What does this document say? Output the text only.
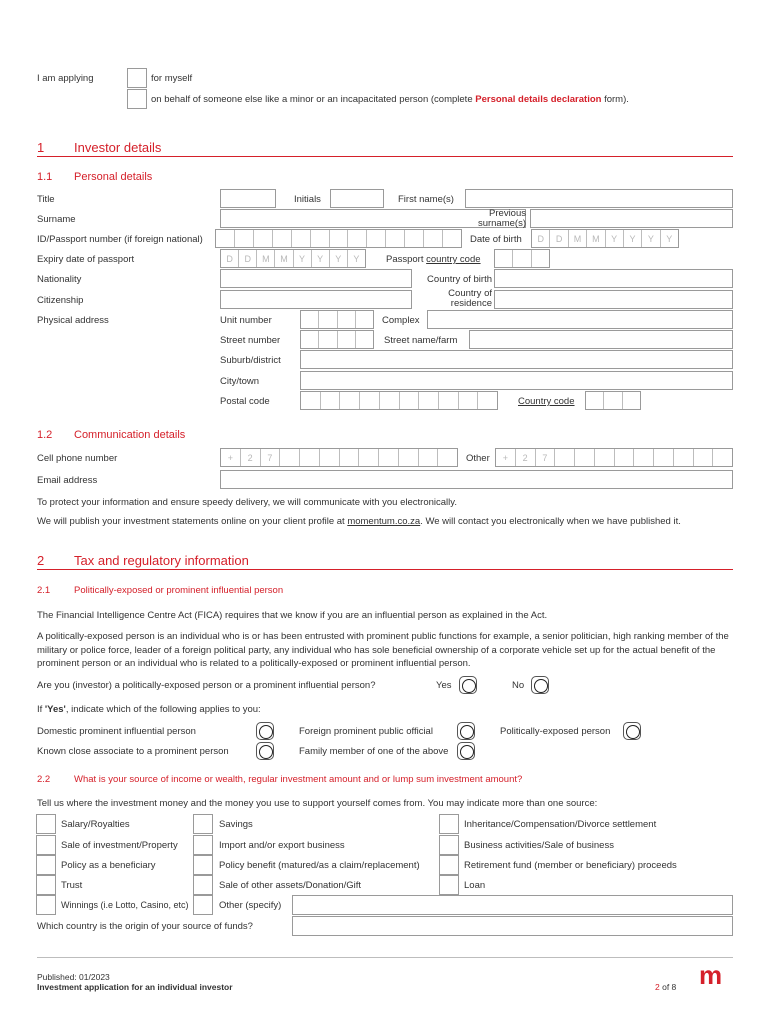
I am applying	for myself
on behalf of someone else like a minor or an incapacitated person (complete Personal details declaration form).
1 Investor details
1.1 Personal details
Title	Initials	First name(s)
Surname
Previous surname(s)
ID/Passport number (if foreign national)	Date of birth	D	D	M	M	Y	Y	Y	Y
Expiry date of passport	D	D	M	M	Y	Y	Y	Y	Passport country code
Nationality	Country of birth
Citizenship
Country of residence
Physical address	Unit number	Complex
Street number	Street name/farm
Suburb/district
City/town
Postal code	Country code
1.2 Communication details
Cell phone number	+	2	7	Other	+	2	7
Email address
To protect your information and ensure speedy delivery, we will communicate with you electronically.
We will publish your investment statements online on your client profile at momentum.co.za. We will contact you electronically when we have published it.
2 Tax and regulatory information
2.1	Politically-exposed or prominent influential person
The Financial Intelligence Centre Act (FICA) requires that we know if you are an influential person as explained in the Act.
A politically-exposed person is an individual who is or has been entrusted with prominent public functions for example, a senior politician, high ranking member of the military or police force, leader of a foreign political party, any individual who has sole beneficial ownership of a corporate vehicle set up for the actual benefit of the prominent person or an individual who is related to a politically-exposed or prominent influential person.
Are you (investor) a politically-exposed person or a prominent influential person?	Yes	No
If 'Yes', indicate which of the following applies to you:
Domestic prominent influential person	Foreign prominent public official	Politically-exposed person
Known close associate to a prominent person	Family member of one of the above
2.2	What is your source of income or wealth, regular investment amount and or lump sum investment amount?
Tell us where the investment money and the money you use to support yourself comes from. You may indicate more than one source:
Salary/Royalties	Savings	Inheritance/Compensation/Divorce settlement
Sale of investment/Property	Import and/or export business	Business activities/Sale of business
Policy as a beneficiary	Policy benefit (matured/as a claim/replacement)	Retirement fund (member or beneficiary) proceeds
Trust	Sale of other assets/Donation/Gift	Loan
Winnings (i.e Lotto, Casino, etc)	Other (specify)
Which country is the origin of your source of funds?
Published: 01/2023
Investment application for an individual investor	2 of 8 m
